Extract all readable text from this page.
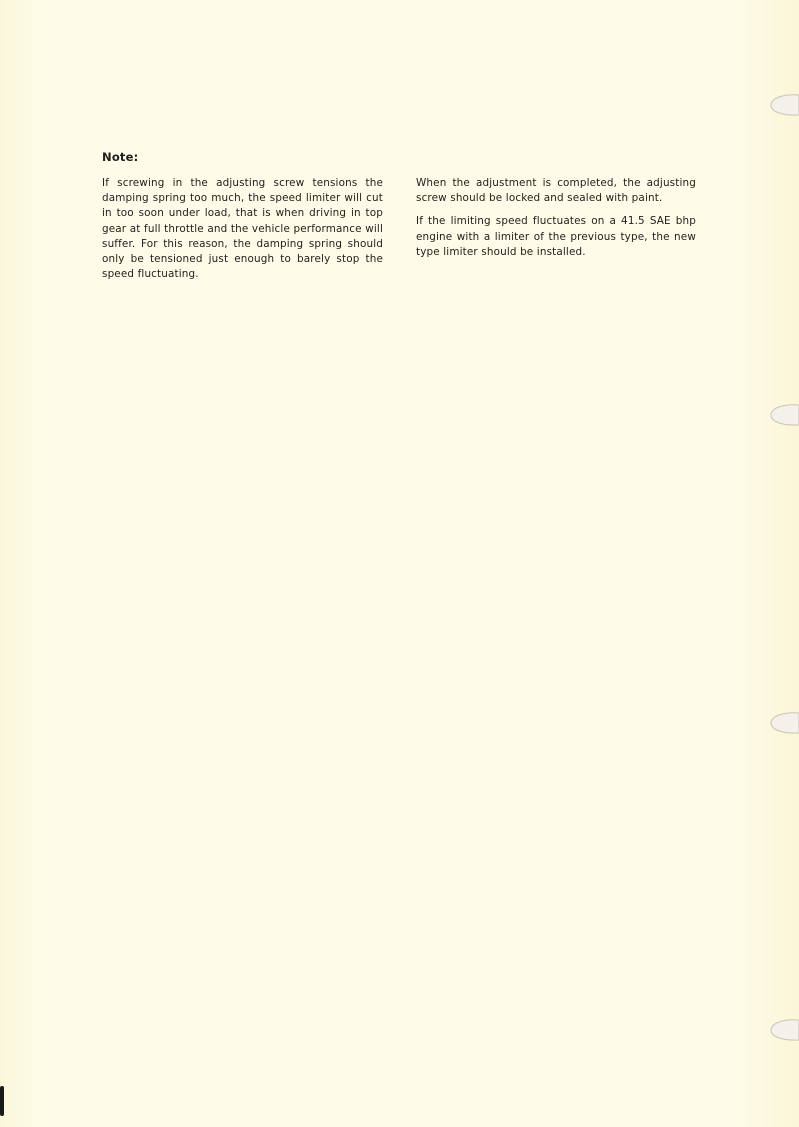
Note:

If screwing in the adjusting screw tensions the damping spring too much, the speed limiter will cut in too soon under load, that is when driving in top gear at full throttle and the vehicle performance will suffer. For this reason, the damping spring should only be tensioned just enough to barely stop the speed fluctuating.

When the adjustment is completed, the adjusting screw should be locked and sealed with paint.

If the limiting speed fluctuates on a 41.5 SAE bhp engine with a limiter of the previous type, the new type limiter should be installed.
